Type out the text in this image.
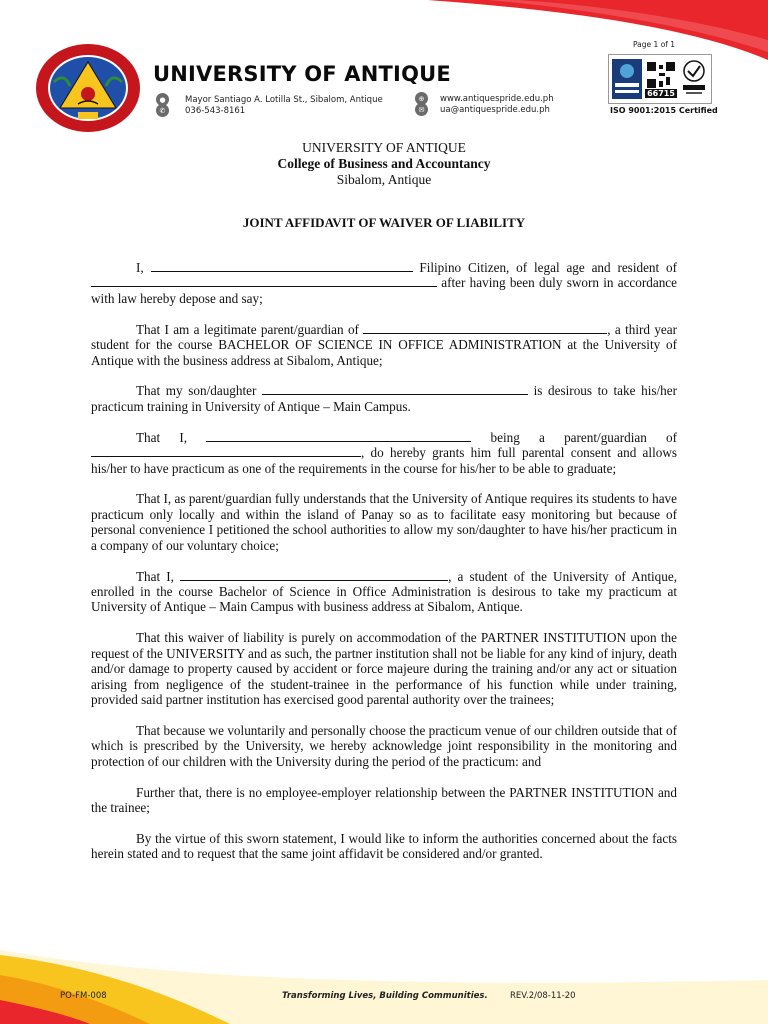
UNIVERSITY OF ANTIQUE
●	Mayor Santiago A. Lotilla St., Sibalom, Antique
✆	036-543-8161
⊕	www.antiquespride.edu.ph
✉	ua@antiquespride.edu.ph
Page 1 of 1
66715
ISO 9001:2015 Certified
UNIVERSITY OF ANTIQUE
College of Business and Accountancy
Sibalom, Antique
JOINT AFFIDAVIT OF WAIVER OF LIABILITY

I,	Filipino Citizen, of legal age and resident of  after having been duly sworn in accordance with law hereby depose and say;

That I am a legitimate parent/guardian of	, a third year student for the course BACHELOR OF SCIENCE IN OFFICE ADMINISTRATION at the University of Antique with the business address at Sibalom, Antique;

That my son/daughter	is desirous to take his/her practicum training in University of Antique – Main Campus.

That I,	being a parent/guardian of , do hereby grants him full parental consent and allows his/her to have practicum as one of the requirements in the course for his/her to be able to graduate;

That I, as parent/guardian fully understands that the University of Antique requires its students to have practicum only locally and within the island of Panay so as to facilitate easy monitoring but because of personal convenience I petitioned the school authorities to allow my son/daughter to have his/her practicum in a company of our voluntary choice;

That I,	, a student of the University of Antique, enrolled in the course Bachelor of Science in Office Administration is desirous to take my practicum at University of Antique – Main Campus with business address at Sibalom, Antique.

That this waiver of liability is purely on accommodation of the PARTNER INSTITUTION upon the request of the UNIVERSITY and as such, the partner institution shall not be liable for any kind of injury, death and/or damage to property caused by accident or force majeure during the training and/or any act or situation arising from negligence of the student-trainee in the performance of his function while under training, provided said partner institution has exercised good parental authority over the trainees;

That because we voluntarily and personally choose the practicum venue of our children outside that of which is prescribed by the University, we hereby acknowledge joint responsibility in the monitoring and protection of our children with the University during the period of the practicum: and

Further that, there is no employee-employer relationship between the PARTNER INSTITUTION and the trainee;

By the virtue of this sworn statement, I would like to inform the authorities concerned about the facts herein stated and to request that the same joint affidavit be considered and/or granted.

PO-FM-008	Transforming Lives, Building Communities.	REV.2/08-11-20
